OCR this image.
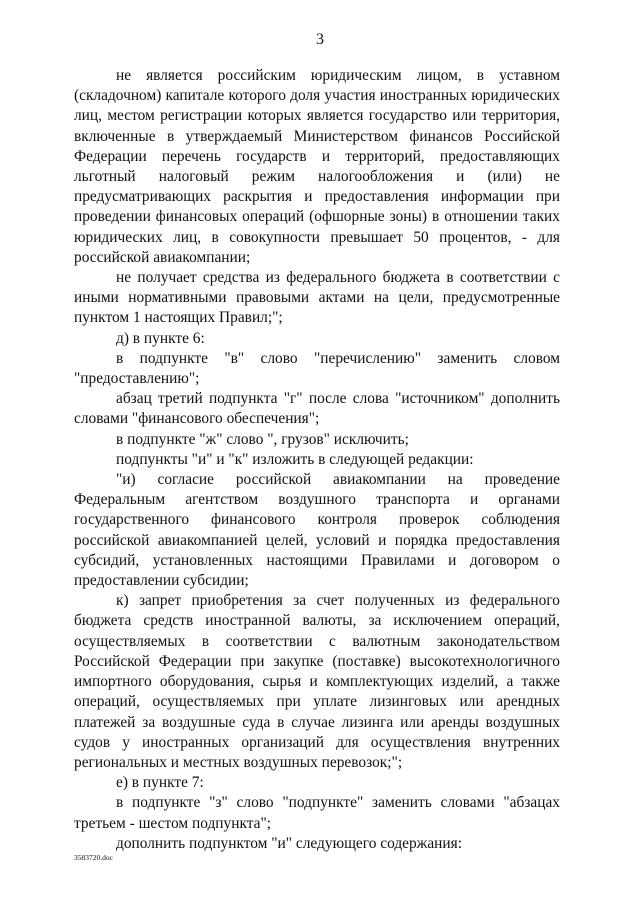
3

не является российским юридическим лицом, в уставном (складочном) капитале которого доля участия иностранных юридических лиц, местом регистрации которых является государство или территория, включенные в утверждаемый Министерством финансов Российской Федерации перечень государств и территорий, предоставляющих льготный налоговый режим налогообложения и (или) не предусматривающих раскрытия и предоставления информации при проведении финансовых операций (офшорные зоны) в отношении таких юридических лиц, в совокупности превышает 50 процентов, - для российской авиакомпании;

не получает средства из федерального бюджета в соответствии с иными нормативными правовыми актами на цели, предусмотренные пунктом 1 настоящих Правил;";

д) в пункте 6:

в подпункте "в" слово "перечислению" заменить словом "предоставлению";

абзац третий подпункта "г" после слова "источником" дополнить словами "финансового обеспечения";

в подпункте "ж" слово ", грузов" исключить;

подпункты "и" и "к" изложить в следующей редакции:

"и) согласие российской авиакомпании на проведение Федеральным агентством воздушного транспорта и органами государственного финансового контроля проверок соблюдения российской авиакомпанией целей, условий и порядка предоставления субсидий, установленных настоящими Правилами и договором о предоставлении субсидии;

к) запрет приобретения за счет полученных из федерального бюджета средств иностранной валюты, за исключением операций, осуществляемых в соответствии с валютным законодательством Российской Федерации при закупке (поставке) высокотехнологичного импортного оборудования, сырья и комплектующих изделий, а также операций, осуществляемых при уплате лизинговых или арендных платежей за воздушные суда в случае лизинга или аренды воздушных судов у иностранных организаций для осуществления внутренних региональных и местных воздушных перевозок;";

е) в пункте 7:

в подпункте "з" слово "подпункте" заменить словами "абзацах третьем - шестом подпункта";

дополнить подпунктом "и" следующего содержания:

3583720.doc
